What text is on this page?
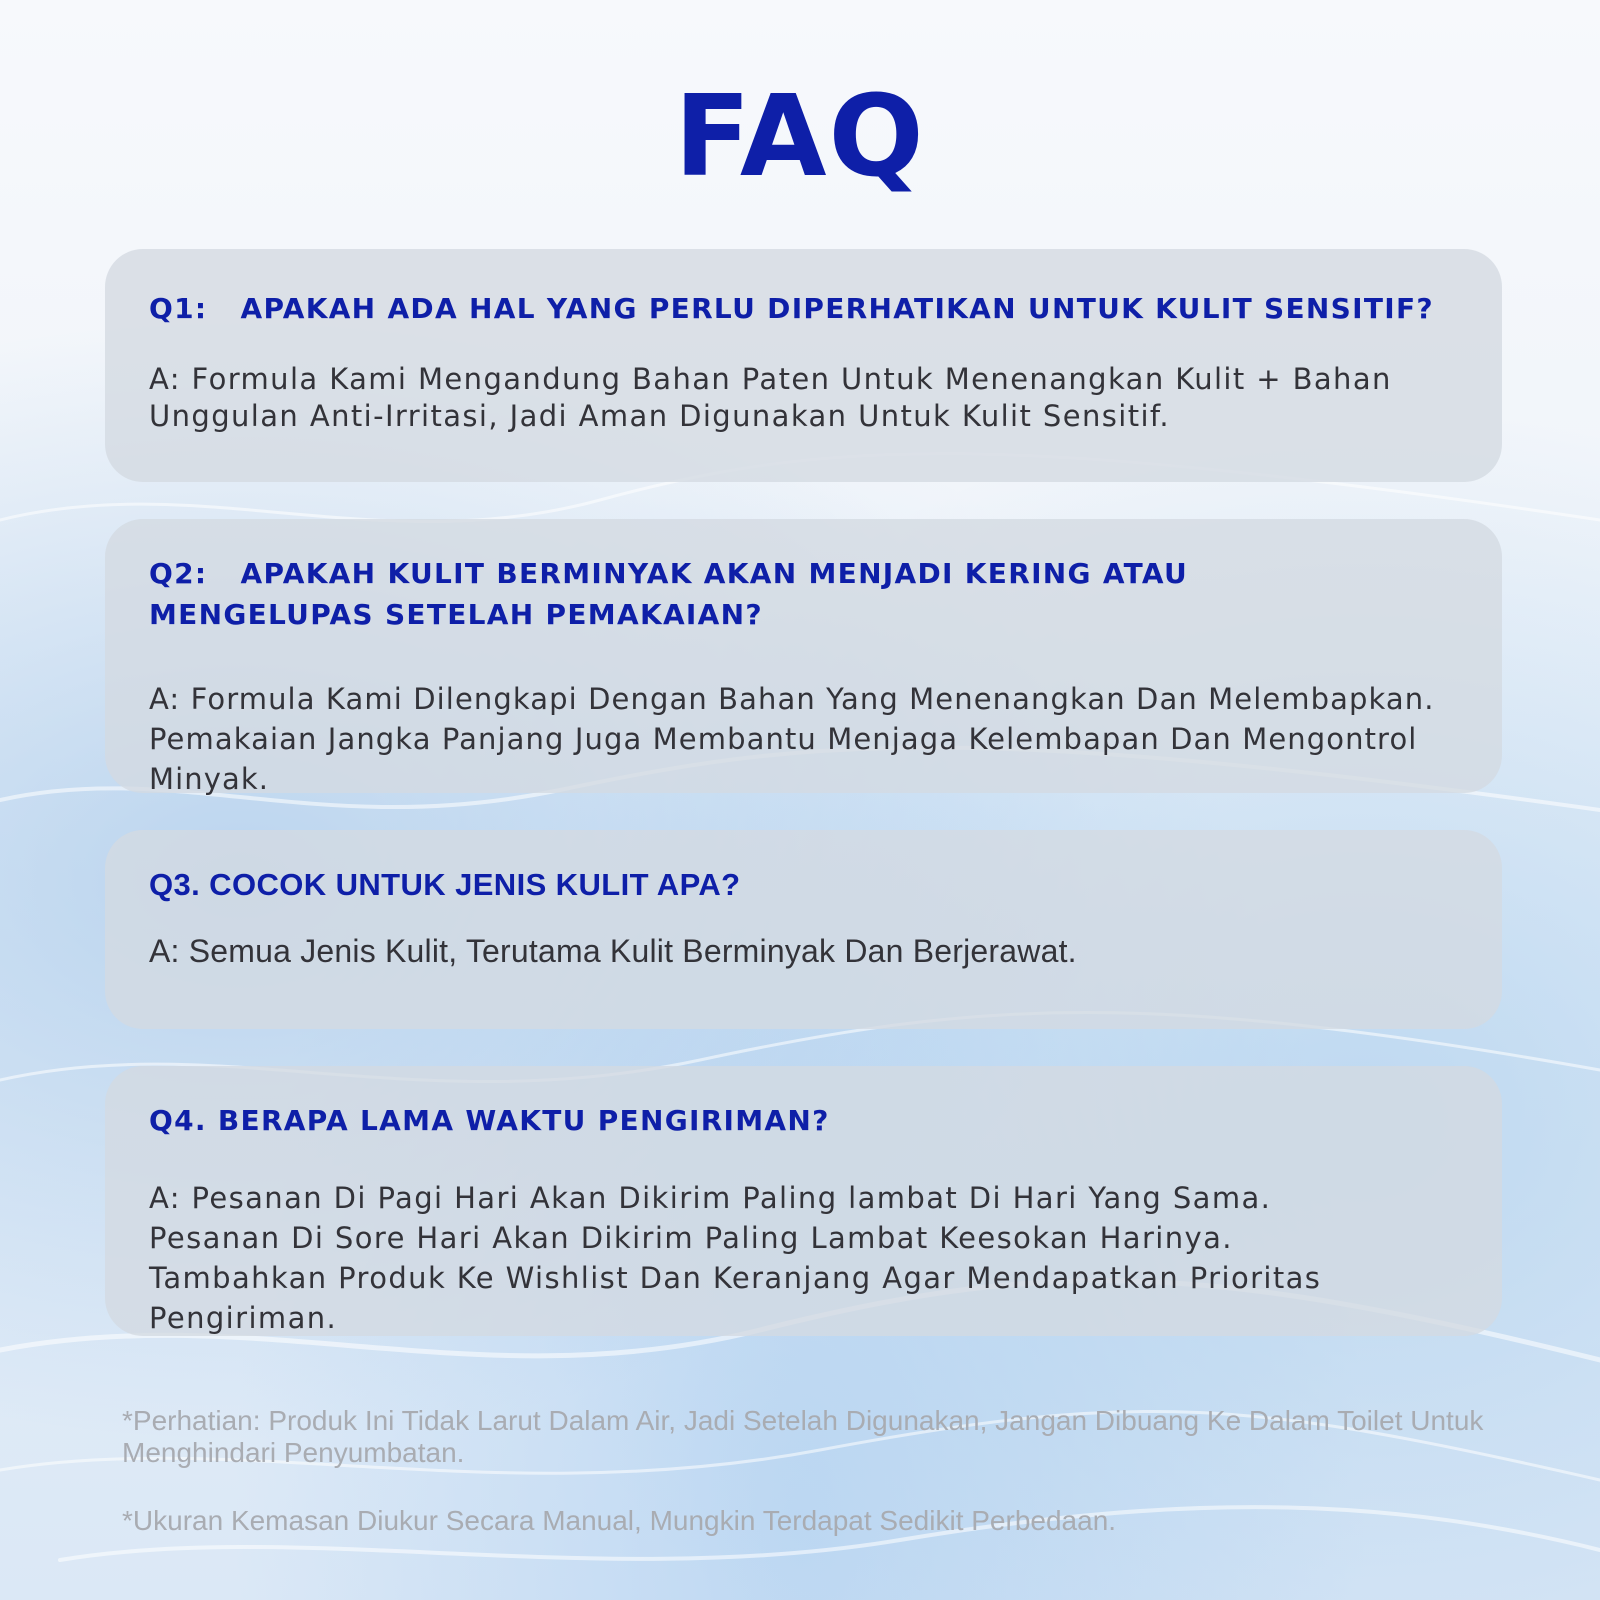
FAQ

Q1:   APAKAH ADA HAL YANG PERLU DIPERHATIKAN UNTUK KULIT SENSITIF?

A: Formula Kami Mengandung Bahan Paten Untuk Menenangkan Kulit + Bahan Unggulan Anti-Irritasi, Jadi Aman Digunakan Untuk Kulit Sensitif.

Q2:   APAKAH KULIT BERMINYAK AKAN MENJADI KERING ATAU MENGELUPAS SETELAH PEMAKAIAN?

A: Formula Kami Dilengkapi Dengan Bahan Yang Menenangkan Dan Melembapkan. Pemakaian Jangka Panjang Juga Membantu Menjaga Kelembapan Dan Mengontrol Minyak.

Q3. COCOK UNTUK JENIS KULIT APA?

A: Semua Jenis Kulit, Terutama Kulit Berminyak Dan Berjerawat.

Q4. BERAPA LAMA WAKTU PENGIRIMAN?

A: Pesanan Di Pagi Hari Akan Dikirim Paling lambat Di Hari Yang Sama. Pesanan Di Sore Hari Akan Dikirim Paling Lambat Keesokan Harinya. Tambahkan Produk Ke Wishlist Dan Keranjang Agar Mendapatkan Prioritas Pengiriman.

*Perhatian: Produk Ini Tidak Larut Dalam Air, Jadi Setelah Digunakan, Jangan Dibuang Ke Dalam Toilet Untuk Menghindari Penyumbatan.

*Ukuran Kemasan Diukur Secara Manual, Mungkin Terdapat Sedikit Perbedaan.
